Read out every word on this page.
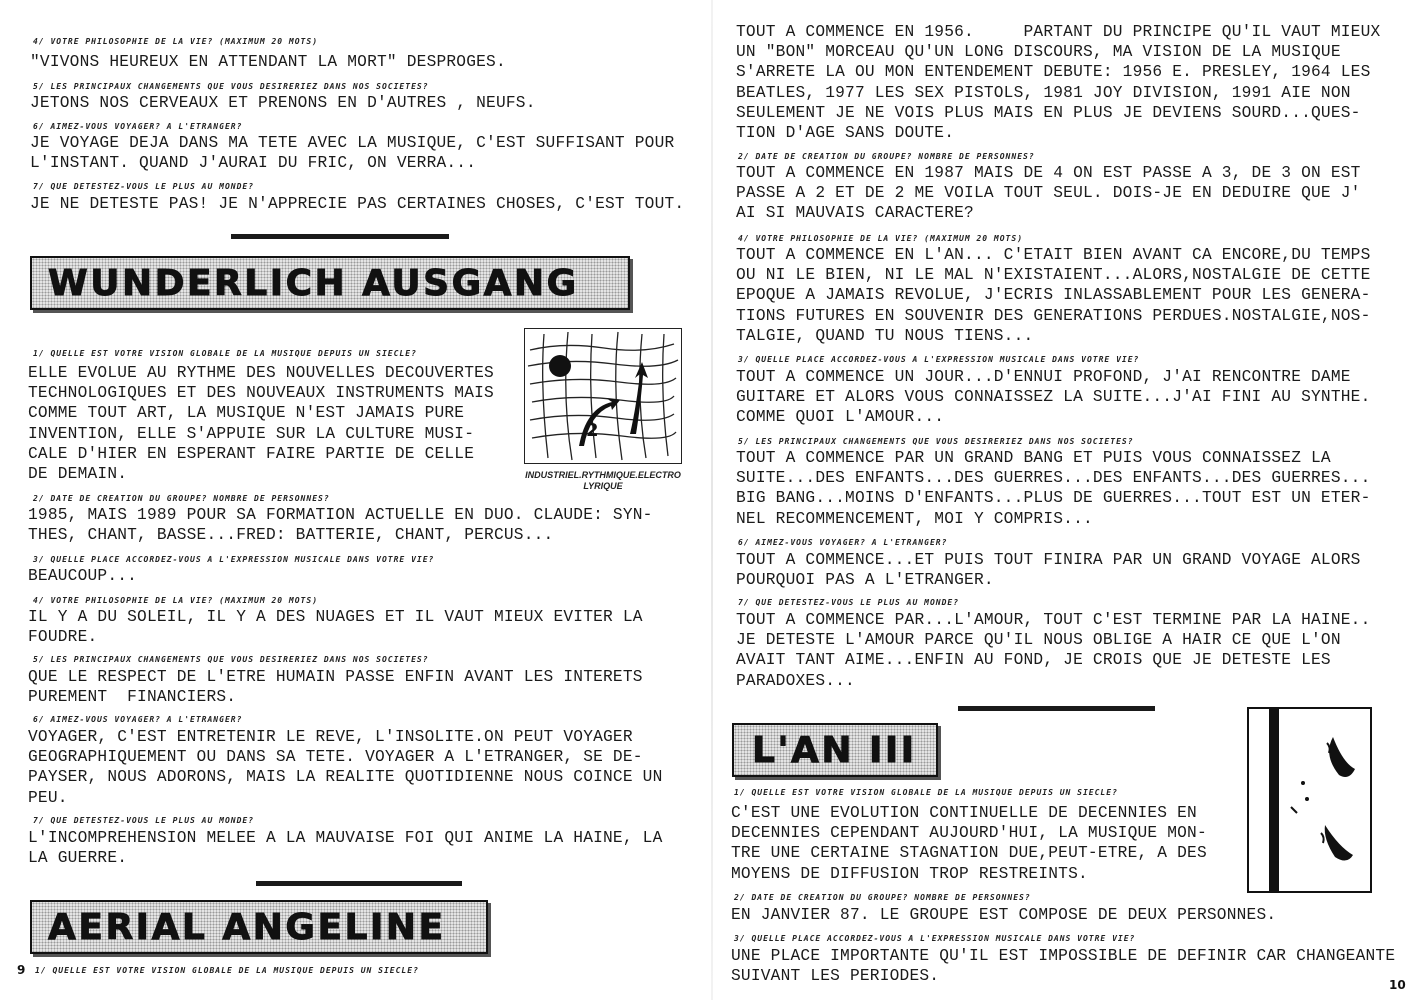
4/ VOTRE PHILOSOPHIE DE LA VIE? (MAXIMUM 20 MOTS)
"VIVONS HEUREUX EN ATTENDANT LA MORT" DESPROGES.
5/ LES PRINCIPAUX CHANGEMENTS QUE VOUS DESIRERIEZ DANS NOS SOCIETES?
JETONS NOS CERVEAUX ET PRENONS EN D'AUTRES , NEUFS.
6/ AIMEZ-VOUS VOYAGER? A L'ETRANGER?
JE VOYAGE DEJA DANS MA TETE AVEC LA MUSIQUE, C'EST SUFFISANT POUR
L'INSTANT. QUAND J'AURAI DU FRIC, ON VERRA...
7/ QUE DETESTEZ-VOUS LE PLUS AU MONDE?
JE NE DETESTE PAS! JE N'APPRECIE PAS CERTAINES CHOSES, C'EST TOUT.
WUNDERLICH AUSGANG
2	c
INDUSTRIEL.RYTHMIQUE.ELECTRO
LYRIQUE
1/ QUELLE EST VOTRE VISION GLOBALE DE LA MUSIQUE DEPUIS UN SIECLE?
ELLE EVOLUE AU RYTHME DES NOUVELLES DECOUVERTES
TECHNOLOGIQUES ET DES NOUVEAUX INSTRUMENTS MAIS
COMME TOUT ART, LA MUSIQUE N'EST JAMAIS PURE
INVENTION, ELLE S'APPUIE SUR LA CULTURE MUSI-
CALE D'HIER EN ESPERANT FAIRE PARTIE DE CELLE
DE DEMAIN.
2/ DATE DE CREATION DU GROUPE? NOMBRE DE PERSONNES?
1985, MAIS 1989 POUR SA FORMATION ACTUELLE EN DUO. CLAUDE: SYN-
THES, CHANT, BASSE...FRED: BATTERIE, CHANT, PERCUS...
3/ QUELLE PLACE ACCORDEZ-VOUS A L'EXPRESSION MUSICALE DANS VOTRE VIE?
BEAUCOUP...
4/ VOTRE PHILOSOPHIE DE LA VIE? (MAXIMUM 20 MOTS)
IL Y A DU SOLEIL, IL Y A DES NUAGES ET IL VAUT MIEUX EVITER LA
FOUDRE.
5/ LES PRINCIPAUX CHANGEMENTS QUE VOUS DESIRERIEZ DANS NOS SOCIETES?
QUE LE RESPECT DE L'ETRE HUMAIN PASSE ENFIN AVANT LES INTERETS
PUREMENT  FINANCIERS.
6/ AIMEZ-VOUS VOYAGER? A L'ETRANGER?
VOYAGER, C'EST ENTRETENIR LE REVE, L'INSOLITE.ON PEUT VOYAGER
GEOGRAPHIQUEMENT OU DANS SA TETE. VOYAGER A L'ETRANGER, SE DE-
PAYSER, NOUS ADORONS, MAIS LA REALITE QUOTIDIENNE NOUS COINCE UN
PEU.
7/ QUE DETESTEZ-VOUS LE PLUS AU MONDE?
L'INCOMPREHENSION MELEE A LA MAUVAISE FOI QUI ANIME LA HAINE, LA
LA GUERRE.
AERIAL ANGELINE
9 1/ QUELLE EST VOTRE VISION GLOBALE DE LA MUSIQUE DEPUIS UN SIECLE?
TOUT A COMMENCE EN 1956.     PARTANT DU PRINCIPE QU'IL VAUT MIEUX
UN "BON" MORCEAU QU'UN LONG DISCOURS, MA VISION DE LA MUSIQUE
S'ARRETE LA OU MON ENTENDEMENT DEBUTE: 1956 E. PRESLEY, 1964 LES
BEATLES, 1977 LES SEX PISTOLS, 1981 JOY DIVISION, 1991 AIE NON
SEULEMENT JE NE VOIS PLUS MAIS EN PLUS JE DEVIENS SOURD...QUES-
TION D'AGE SANS DOUTE.
2/ DATE DE CREATION DU GROUPE? NOMBRE DE PERSONNES?
TOUT A COMMENCE EN 1987 MAIS DE 4 ON EST PASSE A 3, DE 3 ON EST
PASSE A 2 ET DE 2 ME VOILA TOUT SEUL. DOIS-JE EN DEDUIRE QUE J'
AI SI MAUVAIS CARACTERE?
4/ VOTRE PHILOSOPHIE DE LA VIE? (MAXIMUM 20 MOTS)
TOUT A COMMENCE EN L'AN... C'ETAIT BIEN AVANT CA ENCORE,DU TEMPS
OU NI LE BIEN, NI LE MAL N'EXISTAIENT...ALORS,NOSTALGIE DE CETTE
EPOQUE A JAMAIS REVOLUE, J'ECRIS INLASSABLEMENT POUR LES GENERA-
TIONS FUTURES EN SOUVENIR DES GENERATIONS PERDUES.NOSTALGIE,NOS-
TALGIE, QUAND TU NOUS TIENS...
3/ QUELLE PLACE ACCORDEZ-VOUS A L'EXPRESSION MUSICALE DANS VOTRE VIE?
TOUT A COMMENCE UN JOUR...D'ENNUI PROFOND, J'AI RENCONTRE DAME
GUITARE ET ALORS VOUS CONNAISSEZ LA SUITE...J'AI FINI AU SYNTHE.
COMME QUOI L'AMOUR...
5/ LES PRINCIPAUX CHANGEMENTS QUE VOUS DESIRERIEZ DANS NOS SOCIETES?
TOUT A COMMENCE PAR UN GRAND BANG ET PUIS VOUS CONNAISSEZ LA
SUITE...DES ENFANTS...DES GUERRES...DES ENFANTS...DES GUERRES...
BIG BANG...MOINS D'ENFANTS...PLUS DE GUERRES...TOUT EST UN ETER-
NEL RECOMMENCEMENT, MOI Y COMPRIS...
6/ AIMEZ-VOUS VOYAGER? A L'ETRANGER?
TOUT A COMMENCE...ET PUIS TOUT FINIRA PAR UN GRAND VOYAGE ALORS
POURQUOI PAS A L'ETRANGER.
7/ QUE DETESTEZ-VOUS LE PLUS AU MONDE?
TOUT A COMMENCE PAR...L'AMOUR, TOUT C'EST TERMINE PAR LA HAINE..
JE DETESTE L'AMOUR PARCE QU'IL NOUS OBLIGE A HAIR CE QUE L'ON
AVAIT TANT AIME...ENFIN AU FOND, JE CROIS QUE JE DETESTE LES
PARADOXES...
L'AN III
1/ QUELLE EST VOTRE VISION GLOBALE DE LA MUSIQUE DEPUIS UN SIECLE?
C'EST UNE EVOLUTION CONTINUELLE DE DECENNIES EN
DECENNIES CEPENDANT AUJOURD'HUI, LA MUSIQUE MON-
TRE UNE CERTAINE STAGNATION DUE,PEUT-ETRE, A DES
MOYENS DE DIFFUSION TROP RESTREINTS.
2/ DATE DE CREATION DU GROUPE? NOMBRE DE PERSONNES?
EN JANVIER 87. LE GROUPE EST COMPOSE DE DEUX PERSONNES.
3/ QUELLE PLACE ACCORDEZ-VOUS A L'EXPRESSION MUSICALE DANS VOTRE VIE?
UNE PLACE IMPORTANTE QU'IL EST IMPOSSIBLE DE DEFINIR CAR CHANGEANTE
SUIVANT LES PERIODES.	10
